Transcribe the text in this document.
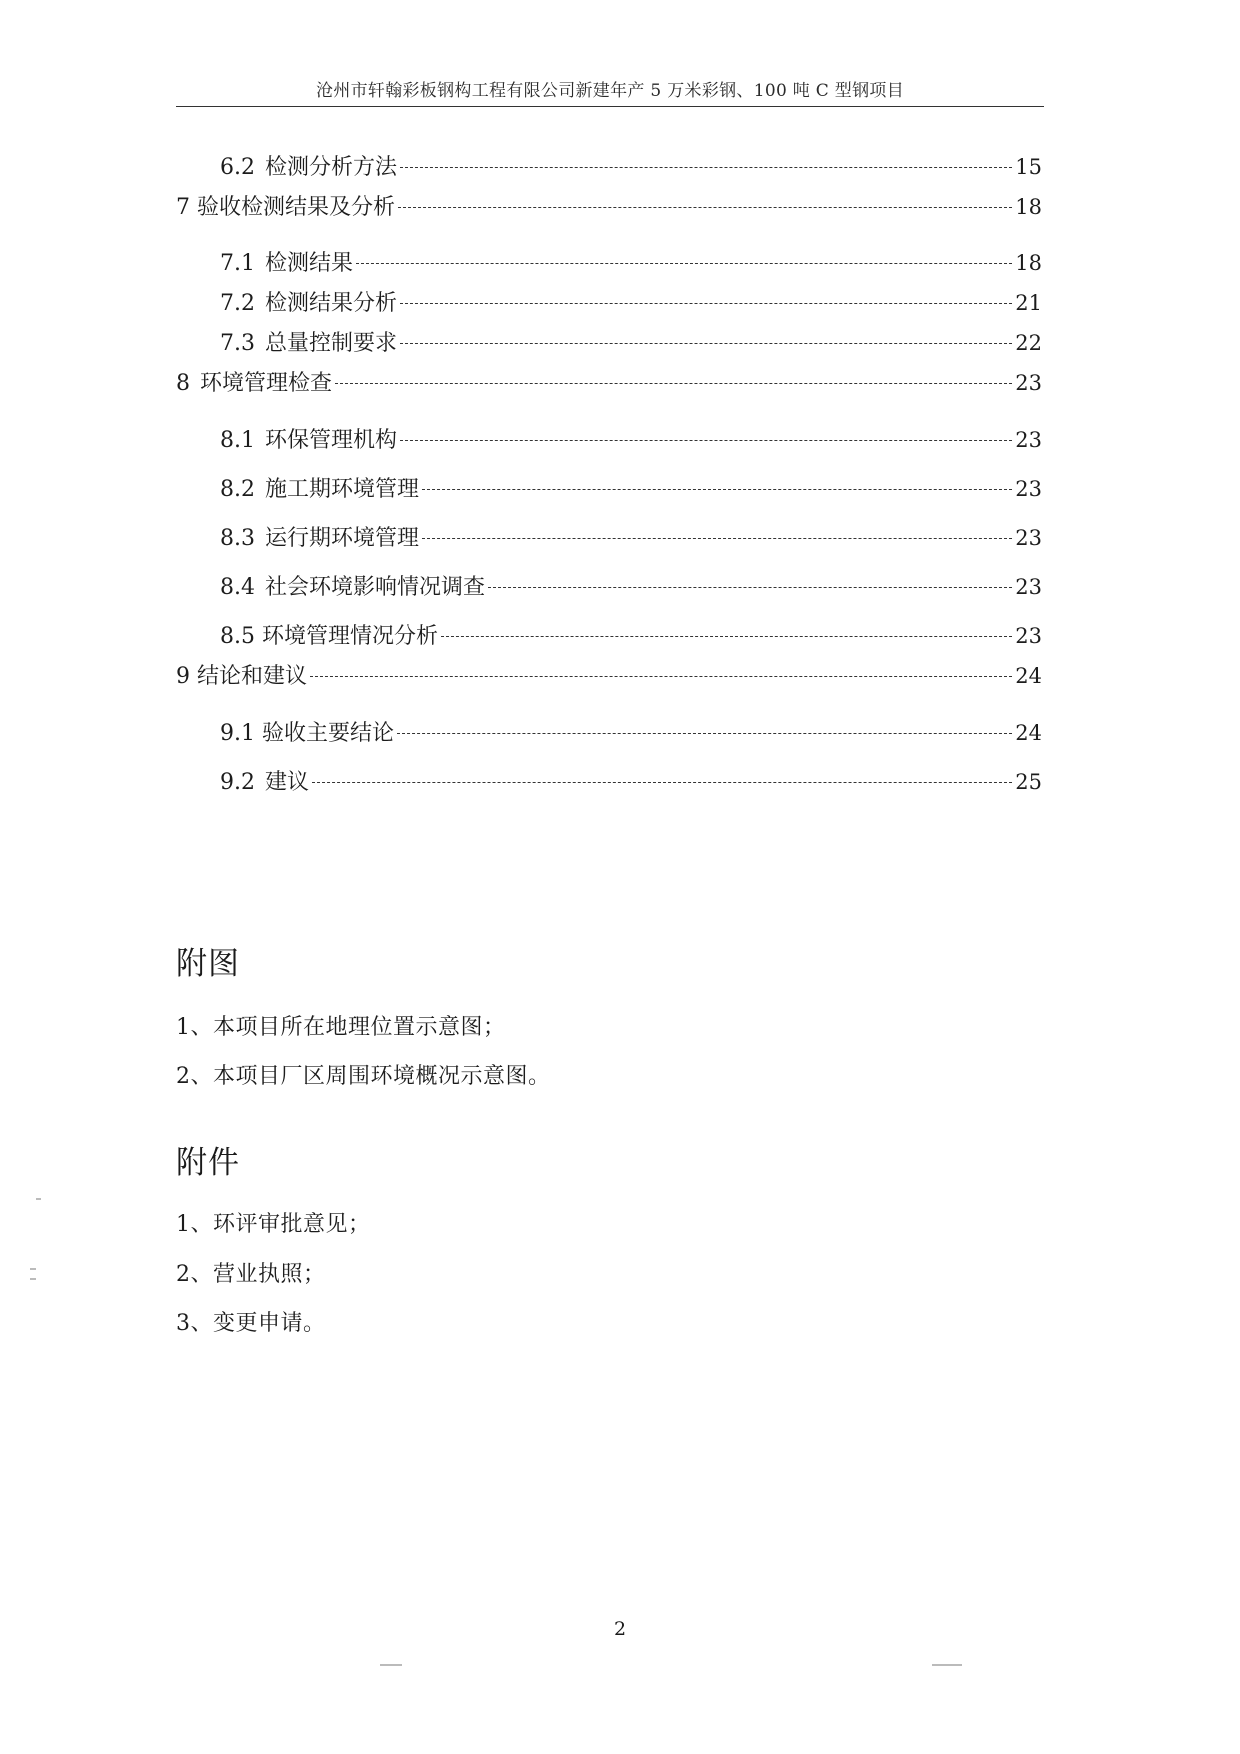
沧州市轩翰彩板钢构工程有限公司新建年产 5 万米彩钢、100 吨 C 型钢项目
6.2 检测分析方法	15
7 验收检测结果及分析	18
7.1 检测结果	18
7.2 检测结果分析	21
7.3 总量控制要求	22
8 环境管理检查	23
8.1 环保管理机构	23
8.2 施工期环境管理	23
8.3 运行期环境管理	23
8.4 社会环境影响情况调查	23
8.5 环境管理情况分析	23
9 结论和建议	24
9.1 验收主要结论	24
9.2 建议	25
附图
1、本项目所在地理位置示意图；
2、本项目厂区周围环境概况示意图。
附件
1、环评审批意见；
2、营业执照；
3、变更申请。
2
